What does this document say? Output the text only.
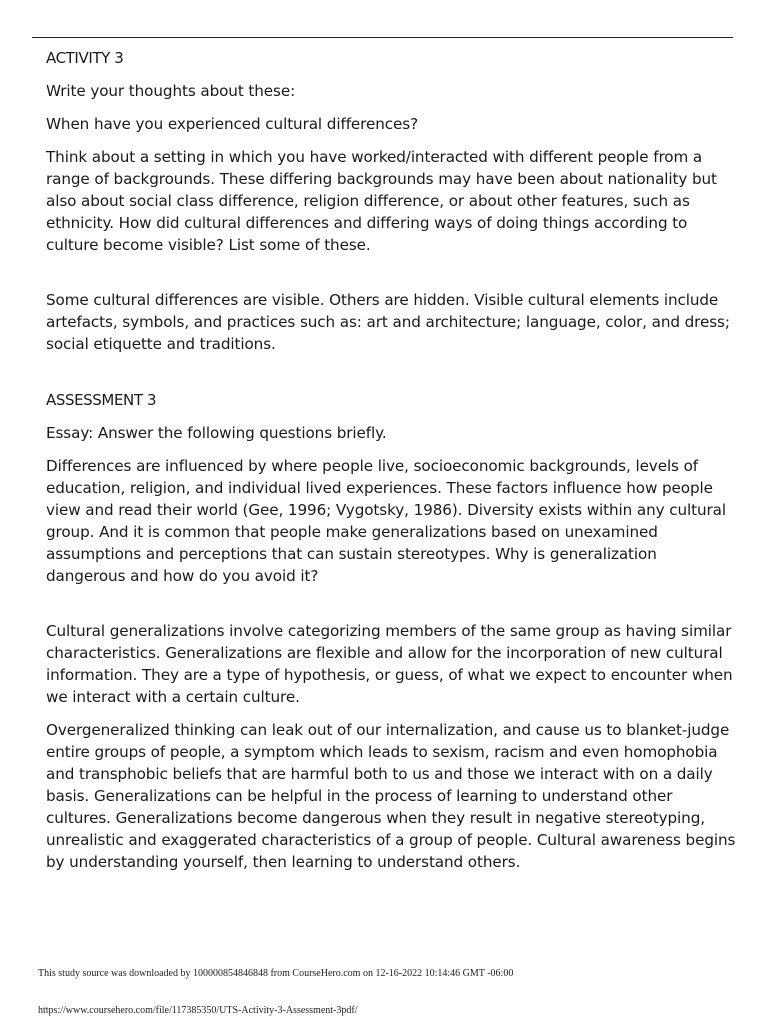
ACTIVITY 3

Write your thoughts about these:

When have you experienced cultural differences?

Think about a setting in which you have worked/interacted with different people from a range of backgrounds. These differing backgrounds may have been about nationality but also about social class difference, religion difference, or about other features, such as ethnicity. How did cultural differences and differing ways of doing things according to culture become visible? List some of these.

Some cultural differences are visible. Others are hidden. Visible cultural elements include artefacts, symbols, and practices such as: art and architecture; language, color, and dress; social etiquette and traditions.

ASSESSMENT 3

Essay: Answer the following questions briefly.

Differences are influenced by where people live, socioeconomic backgrounds, levels of education, religion, and individual lived experiences. These factors influence how people view and read their world (Gee, 1996; Vygotsky, 1986). Diversity exists within any cultural group. And it is common that people make generalizations based on unexamined assumptions and perceptions that can sustain stereotypes. Why is generalization dangerous and how do you avoid it?

Cultural generalizations involve categorizing members of the same group as having similar characteristics. Generalizations are flexible and allow for the incorporation of new cultural information. They are a type of hypothesis, or guess, of what we expect to encounter when we interact with a certain culture.

Overgeneralized thinking can leak out of our internalization, and cause us to blanket-judge entire groups of people, a symptom which leads to sexism, racism and even homophobia and transphobic beliefs that are harmful both to us and those we interact with on a daily basis. Generalizations can be helpful in the process of learning to understand other cultures. Generalizations become dangerous when they result in negative stereotyping, unrealistic and exaggerated characteristics of a group of people. Cultural awareness begins by understanding yourself, then learning to understand others.

This study source was downloaded by 100000854846848 from CourseHero.com on 12-16-2022 10:14:46 GMT -06:00
https://www.coursehero.com/file/117385350/UTS-Activity-3-Assessment-3pdf/
